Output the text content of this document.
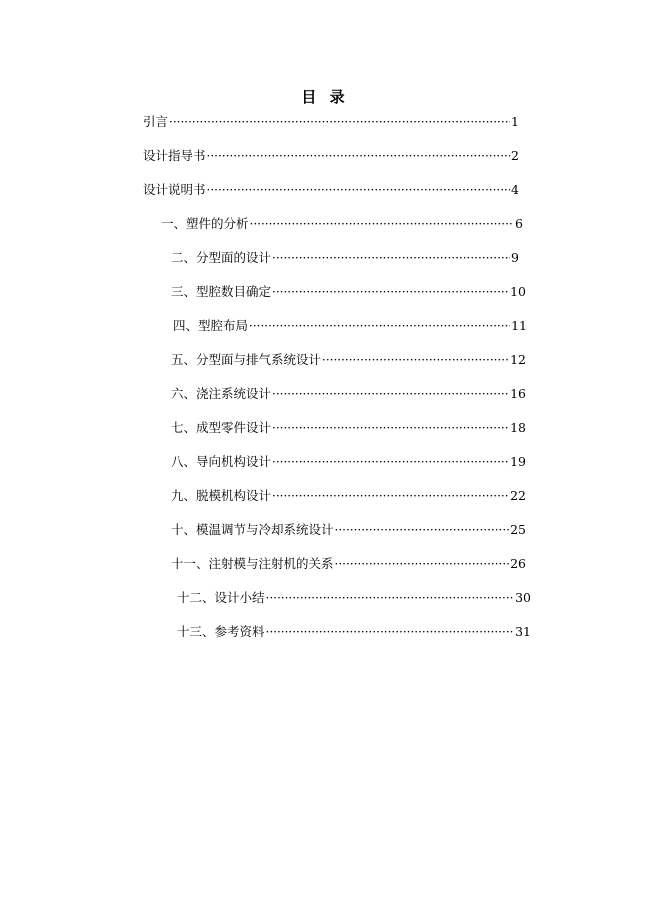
目 录
引言 ·····	1
设计指导书 ·····	2
设计说明书 ·····	4
一、塑件的分析 ·····	6
二、分型面的设计 ·····	9
三、型腔数目确定 ·····	10
四、型腔布局 ·····	11
五、分型面与排气系统设计 ·····	12
六、浇注系统设计 ·····	16
七、成型零件设计 ·····	18
八、导向机构设计 ·····	19
九、脱模机构设计 ·····	22
十、模温调节与冷却系统设计 ·····	25
十一、注射模与注射机的关系 ·····	26
十二、设计小结 ·····	30
十三、参考资料 ·····	31
